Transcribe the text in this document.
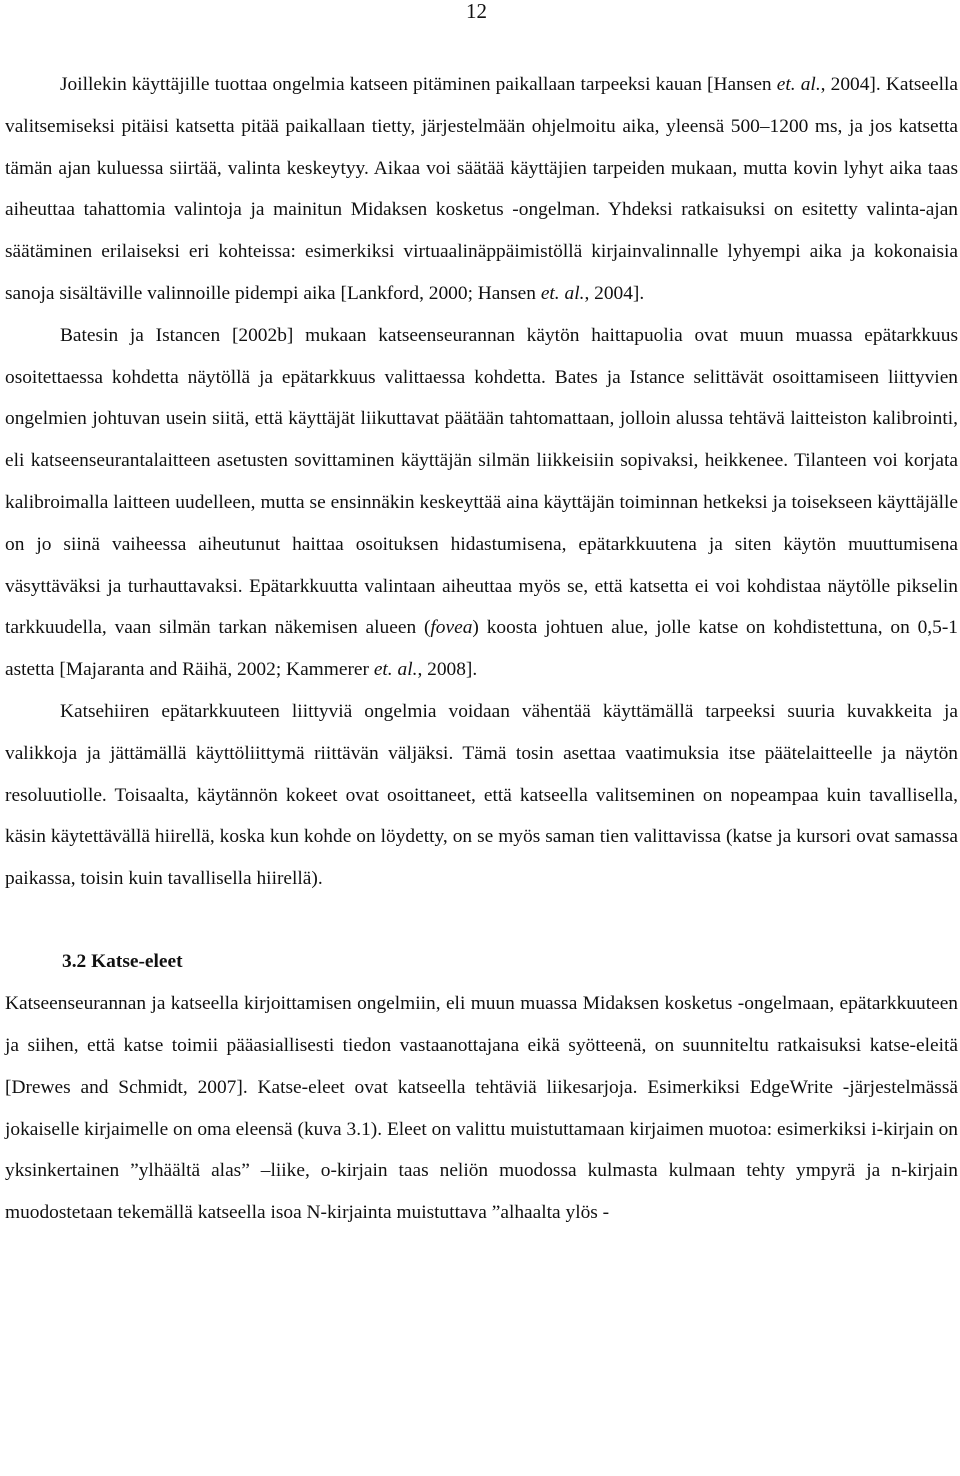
12

Joillekin käyttäjille tuottaa ongelmia katseen pitäminen paikallaan tarpeeksi kauan [Hansen et. al., 2004]. Katseella valitsemiseksi pitäisi katsetta pitää paikallaan tietty, järjestelmään ohjelmoitu aika, yleensä 500–1200 ms, ja jos katsetta tämän ajan kuluessa siirtää, valinta keskeytyy. Aikaa voi säätää käyttäjien tarpeiden mukaan, mutta kovin lyhyt aika taas aiheuttaa tahattomia valintoja ja mainitun Midaksen kosketus -ongelman. Yhdeksi ratkaisuksi on esitetty valinta-ajan säätäminen erilaiseksi eri kohteissa: esimerkiksi virtuaalinäppäimistöllä kirjainvalinnalle lyhyempi aika ja kokonaisia sanoja sisältäville valinnoille pidempi aika [Lankford, 2000; Hansen et. al., 2004].

Batesin ja Istancen [2002b] mukaan katseenseurannan käytön haittapuolia ovat muun muassa epätarkkuus osoitettaessa kohdetta näytöllä ja epätarkkuus valittaessa kohdetta. Bates ja Istance selittävät osoittamiseen liittyvien ongelmien johtuvan usein siitä, että käyttäjät liikuttavat päätään tahtomattaan, jolloin alussa tehtävä laitteiston kalibrointi, eli katseenseurantalaitteen asetusten sovittaminen käyttäjän silmän liikkeisiin sopivaksi, heikkenee. Tilanteen voi korjata kalibroimalla laitteen uudelleen, mutta se ensinnäkin keskeyttää aina käyttäjän toiminnan hetkeksi ja toisekseen käyttäjälle on jo siinä vaiheessa aiheutunut haittaa osoituksen hidastumisena, epätarkkuutena ja siten käytön muuttumisena väsyttäväksi ja turhauttavaksi. Epätarkkuutta valintaan aiheuttaa myös se, että katsetta ei voi kohdistaa näytölle pikselin tarkkuudella, vaan silmän tarkan näkemisen alueen (fovea) koosta johtuen alue, jolle katse on kohdistettuna, on 0,5-1 astetta [Majaranta and Räihä, 2002; Kammerer et. al., 2008].

Katsehiiren epätarkkuuteen liittyviä ongelmia voidaan vähentää käyttämällä tarpeeksi suuria kuvakkeita ja valikkoja ja jättämällä käyttöliittymä riittävän väljäksi. Tämä tosin asettaa vaatimuksia itse päätelaitteelle ja näytön resoluutiolle. Toisaalta, käytännön kokeet ovat osoittaneet, että katseella valitseminen on nopeampaa kuin tavallisella, käsin käytettävällä hiirellä, koska kun kohde on löydetty, on se myös saman tien valittavissa (katse ja kursori ovat samassa paikassa, toisin kuin tavallisella hiirellä).

3.2 Katse-eleet

Katseenseurannan ja katseella kirjoittamisen ongelmiin, eli muun muassa Midaksen kosketus -ongelmaan, epätarkkuuteen ja siihen, että katse toimii pääasiallisesti tiedon vastaanottajana eikä syötteenä, on suunniteltu ratkaisuksi katse-eleitä [Drewes and Schmidt, 2007]. Katse-eleet ovat katseella tehtäviä liikesarjoja. Esimerkiksi EdgeWrite -järjestelmässä jokaiselle kirjaimelle on oma eleensä (kuva 3.1). Eleet on valittu muistuttamaan kirjaimen muotoa: esimerkiksi i-kirjain on yksinkertainen ”ylhäältä alas” –liike, o-kirjain taas neliön muodossa kulmasta kulmaan tehty ympyrä ja n-kirjain muodostetaan tekemällä katseella isoa N-kirjainta muistuttava ”alhaalta ylös -
